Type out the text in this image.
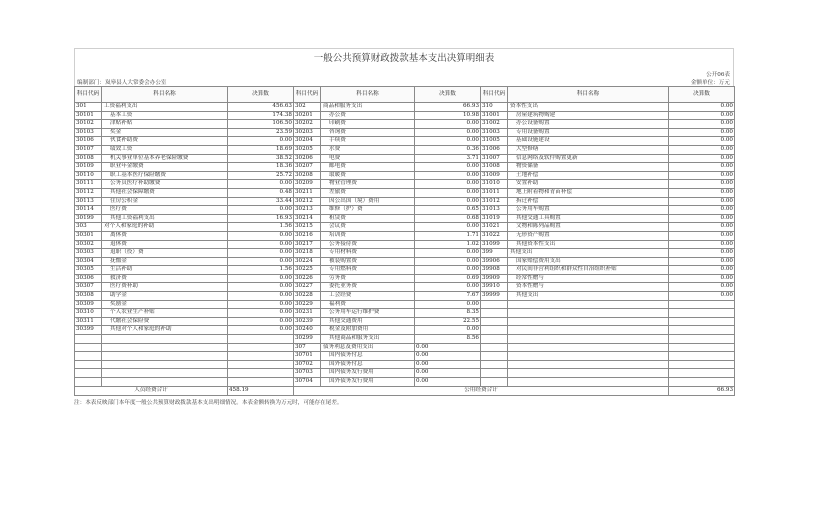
一般公共预算财政拨款基本支出决算明细表
公开06表
编制部门：岚皋县人大常委会办公室	金额单位：万元
科目代码	科目名称	决算数	科目代码	科目名称	决算数	科目代码	科目名称	决算数
301	工资福利支出	456.63	302	商品和服务支出	66.93	310	资本性支出	0.00
30101	基本工资	174.38	30201	办公费	10.98	31001	房屋建筑物购建	0.00
30102	津贴补贴	106.50	30202	印刷费	0.00	31002	办公设备购置	0.00
30103	奖金	23.59	30203	咨询费	0.00	31003	专用设备购置	0.00
30106	伙食补助费	0.00	30204	手续费	0.00	31005	基础设施建设	0.00
30107	绩效工资	18.69	30205	水费	0.36	31006	大型修缮	0.00
30108	机关事业单位基本养老保险缴费	38.52	30206	电费	3.71	31007	信息网络及软件购置更新	0.00
30109	职业年金缴费	18.36	30207	邮电费	0.00	31008	物资储备	0.00
30110	职工基本医疗保险缴费	25.72	30208	取暖费	0.00	31009	土地补偿	0.00
30111	公务员医疗补助缴费	0.00	30209	物业管理费	0.00	31010	安置补助	0.00
30112	其他社会保障缴费	0.48	30211	差旅费	0.00	31011	地上附着物和青苗补偿	0.00
30113	住房公积金	33.44	30212	因公出国（境）费用	0.00	31012	拆迁补偿	0.00
30114	医疗费	0.00	30213	维修（护）费	0.65	31013	公务用车购置	0.00
30199	其他工资福利支出	16.93	30214	租赁费	0.68	31019	其他交通工具购置	0.00
303	对个人和家庭的补助	1.56	30215	会议费	0.00	31021	文物和陈列品购置	0.00
30301	离休费	0.00	30216	培训费	1.71	31022	无形资产购置	0.00
30302	退休费	0.00	30217	公务接待费	1.02	31099	其他资本性支出	0.00
30303	退职（役）费	0.00	30218	专用材料费	0.00	399	其他支出	0.00
30304	抚恤金	0.00	30224	被装购置费	0.00	39906	国家赔偿费用支出	0.00
30305	生活补助	1.56	30225	专用燃料费	0.00	39908	对民间非营利组织和群众性自治组织补贴	0.00
30306	救济费	0.00	30226	劳务费	0.69	39909	经常性赠与	0.00
30307	医疗费补助	0.00	30227	委托业务费	0.00	39910	资本性赠与	0.00
30308	助学金	0.00	30228	工会经费	7.67	39999	其他支出	0.00
30309	奖励金	0.00	30229	福利费	0.00			
30310	个人农业生产补贴	0.00	30231	公务用车运行维护费	8.35			
30311	代缴社会保险费	0.00	30239	其他交通费用	22.55			
30399	其他对个人和家庭的补助	0.00	30240	税金及附加费用	0.00			
			30299	其他商品和服务支出	8.56			
			307	债务利息及费用支出	0.00			
			30701	国内债务付息	0.00			
			30702	国外债务付息	0.00			
			30703	国内债务发行费用	0.00			
			30704	国外债务发行费用	0.00			
人员经费合计		458.19	公用经费合计					66.93
注：本表反映部门本年度一般公共预算财政拨款基本支出明细情况。本表金额转换为万元时，可能存在尾差。
